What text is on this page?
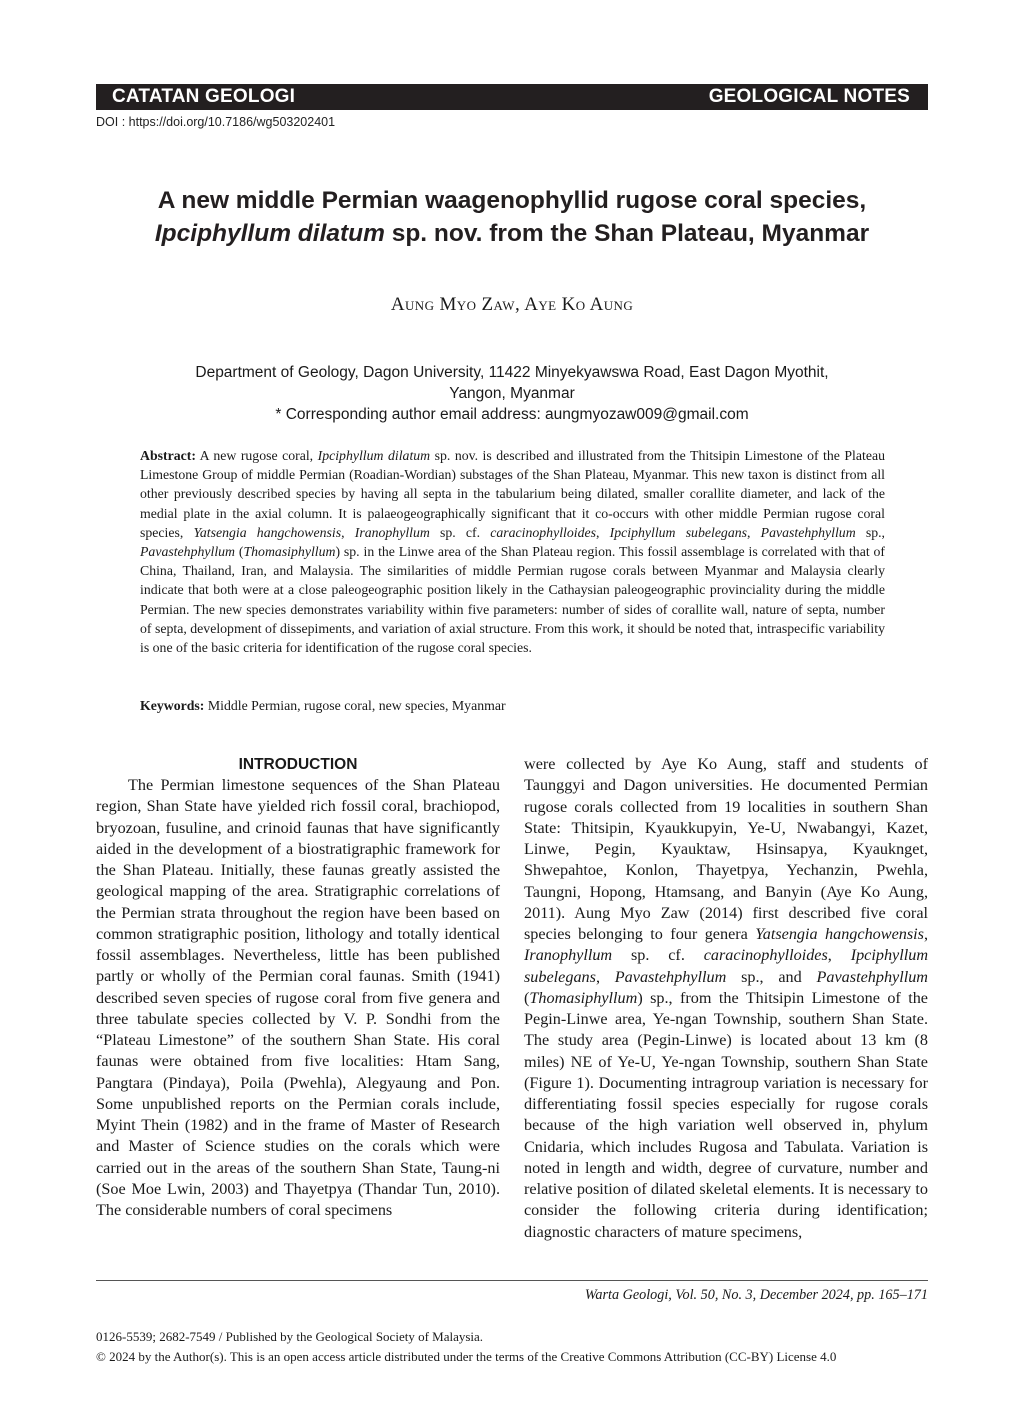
CATATAN GEOLOGI	GEOLOGICAL NOTES
DOI : https://doi.org/10.7186/wg503202401
A new middle Permian waagenophyllid rugose coral species,
Ipciphyllum dilatum sp. nov. from the Shan Plateau, Myanmar
Aung Myo Zaw, Aye Ko Aung
Department of Geology, Dagon University, 11422 Minyekyawswa Road, East Dagon Myothit,
Yangon, Myanmar
* Corresponding author email address: aungmyozaw009@gmail.com
Abstract: A new rugose coral, Ipciphyllum dilatum sp. nov. is described and illustrated from the Thitsipin Limestone of the Plateau Limestone Group of middle Permian (Roadian-Wordian) substages of the Shan Plateau, Myanmar. This new taxon is distinct from all other previously described species by having all septa in the tabularium being dilated, smaller corallite diameter, and lack of the medial plate in the axial column. It is palaeogeographically significant that it co-occurs with other middle Permian rugose coral species, Yatsengia hangchowensis, Iranophyllum sp. cf. caracinophylloides, Ipciphyllum subelegans, Pavastehphyllum sp., Pavastehphyllum (Thomasiphyllum) sp. in the Linwe area of the Shan Plateau region. This fossil assemblage is correlated with that of China, Thailand, Iran, and Malaysia. The similarities of middle Permian rugose corals between Myanmar and Malaysia clearly indicate that both were at a close paleogeographic position likely in the Cathaysian paleogeographic provinciality during the middle Permian. The new species demonstrates variability within five parameters: number of sides of corallite wall, nature of septa, number of septa, development of dissepiments, and variation of axial structure. From this work, it should be noted that, intraspecific variability is one of the basic criteria for identification of the rugose coral species.
Keywords: Middle Permian, rugose coral, new species, Myanmar
INTRODUCTION

The Permian limestone sequences of the Shan Plateau region, Shan State have yielded rich fossil coral, brachiopod, bryozoan, fusuline, and crinoid faunas that have significantly aided in the development of a biostratigraphic framework for the Shan Plateau. Initially, these faunas greatly assisted the geological mapping of the area. Stratigraphic correlations of the Permian strata throughout the region have been based on common stratigraphic position, lithology and totally identical fossil assemblages. Nevertheless, little has been published partly or wholly of the Permian coral faunas. Smith (1941) described seven species of rugose coral from five genera and three tabulate species collected by V. P. Sondhi from the “Plateau Limestone” of the southern Shan State. His coral faunas were obtained from five localities: Htam Sang, Pangtara (Pindaya), Poila (Pwehla), Alegyaung and Pon. Some unpublished reports on the Permian corals include, Myint Thein (1982) and in the frame of Master of Research and Master of Science studies on the corals which were carried out in the areas of the southern Shan State, Taung-ni (Soe Moe Lwin, 2003) and Thayetpya (Thandar Tun, 2010). The considerable numbers of coral specimens

were collected by Aye Ko Aung, staff and students of Taunggyi and Dagon universities. He documented Permian rugose corals collected from 19 localities in southern Shan State: Thitsipin, Kyaukkupyin, Ye-U, Nwabangyi, Kazet, Linwe, Pegin, Kyauktaw, Hsinsapya, Kyauknget, Shwepahtoe, Konlon, Thayetpya, Yechanzin, Pwehla, Taungni, Hopong, Htamsang, and Banyin (Aye Ko Aung, 2011). Aung Myo Zaw (2014) first described five coral species belonging to four genera Yatsengia hangchowensis, Iranophyllum sp. cf. caracinophylloides, Ipciphyllum subelegans, Pavastehphyllum sp., and Pavastehphyllum (Thomasiphyllum) sp., from the Thitsipin Limestone of the Pegin-Linwe area, Ye-ngan Township, southern Shan State. The study area (Pegin-Linwe) is located about 13 km (8 miles) NE of Ye-U, Ye-ngan Township, southern Shan State (Figure 1). Documenting intragroup variation is necessary for differentiating fossil species especially for rugose corals because of the high variation well observed in, phylum Cnidaria, which includes Rugosa and Tabulata. Variation is noted in length and width, degree of curvature, number and relative position of dilated skeletal elements. It is necessary to consider the following criteria during identification; diagnostic characters of mature specimens,

Warta Geologi, Vol. 50, No. 3, December 2024, pp. 165–171
0126-5539; 2682-7549 / Published by the Geological Society of Malaysia.
© 2024 by the Author(s). This is an open access article distributed under the terms of the Creative Commons Attribution (CC-BY) License 4.0
